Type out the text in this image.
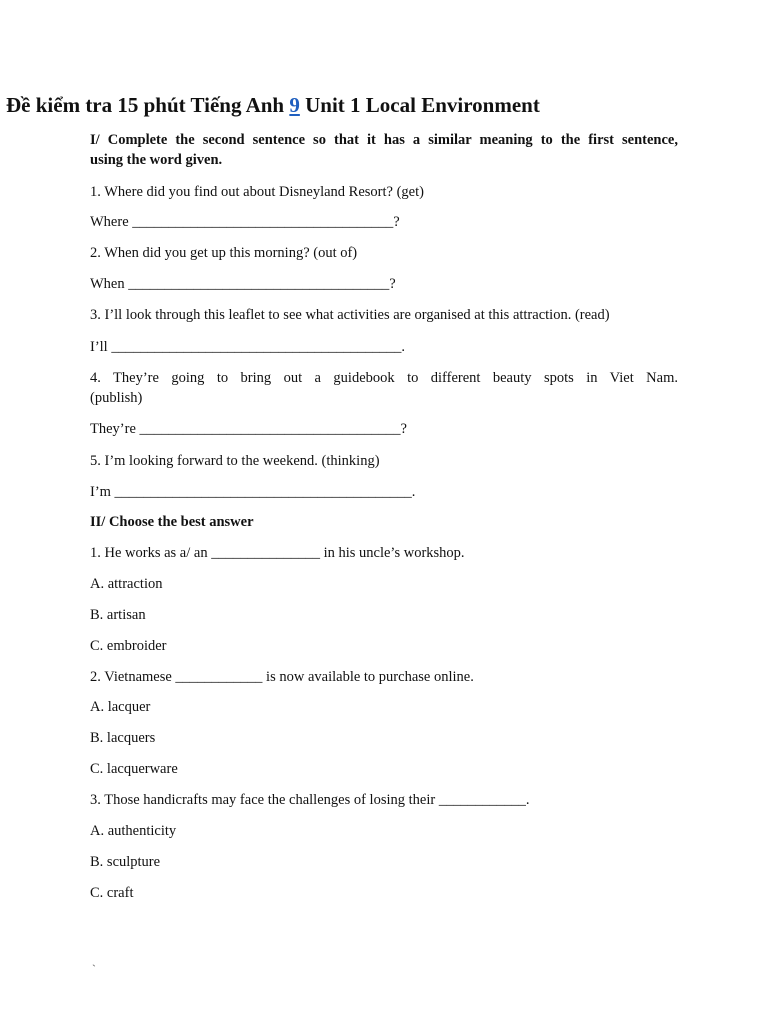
Đề kiểm tra 15 phút Tiếng Anh 9 Unit 1 Local Environment
I/ Complete the second sentence so that it has a similar meaning to the first sentence,
using the word given.
1. Where did you find out about Disneyland Resort? (get)
Where ____________________________________?
2. When did you get up this morning? (out of)
When ____________________________________?
3. I’ll look through this leaflet to see what activities are organised at this attraction. (read)
I’ll ________________________________________.
4. They’re going to bring out a guidebook to different beauty spots in Viet Nam.
(publish)
They’re ____________________________________?
5. I’m looking forward to the weekend. (thinking)
I’m _________________________________________.
II/ Choose the best answer
1. He works as a/ an _______________ in his uncle’s workshop.
A. attraction
B. artisan
C. embroider
2. Vietnamese ____________ is now available to purchase online.
A. lacquer
B. lacquers
C. lacquerware
3. Those handicrafts may face the challenges of losing their ____________.
A. authenticity
B. sculpture
C. craft
`
